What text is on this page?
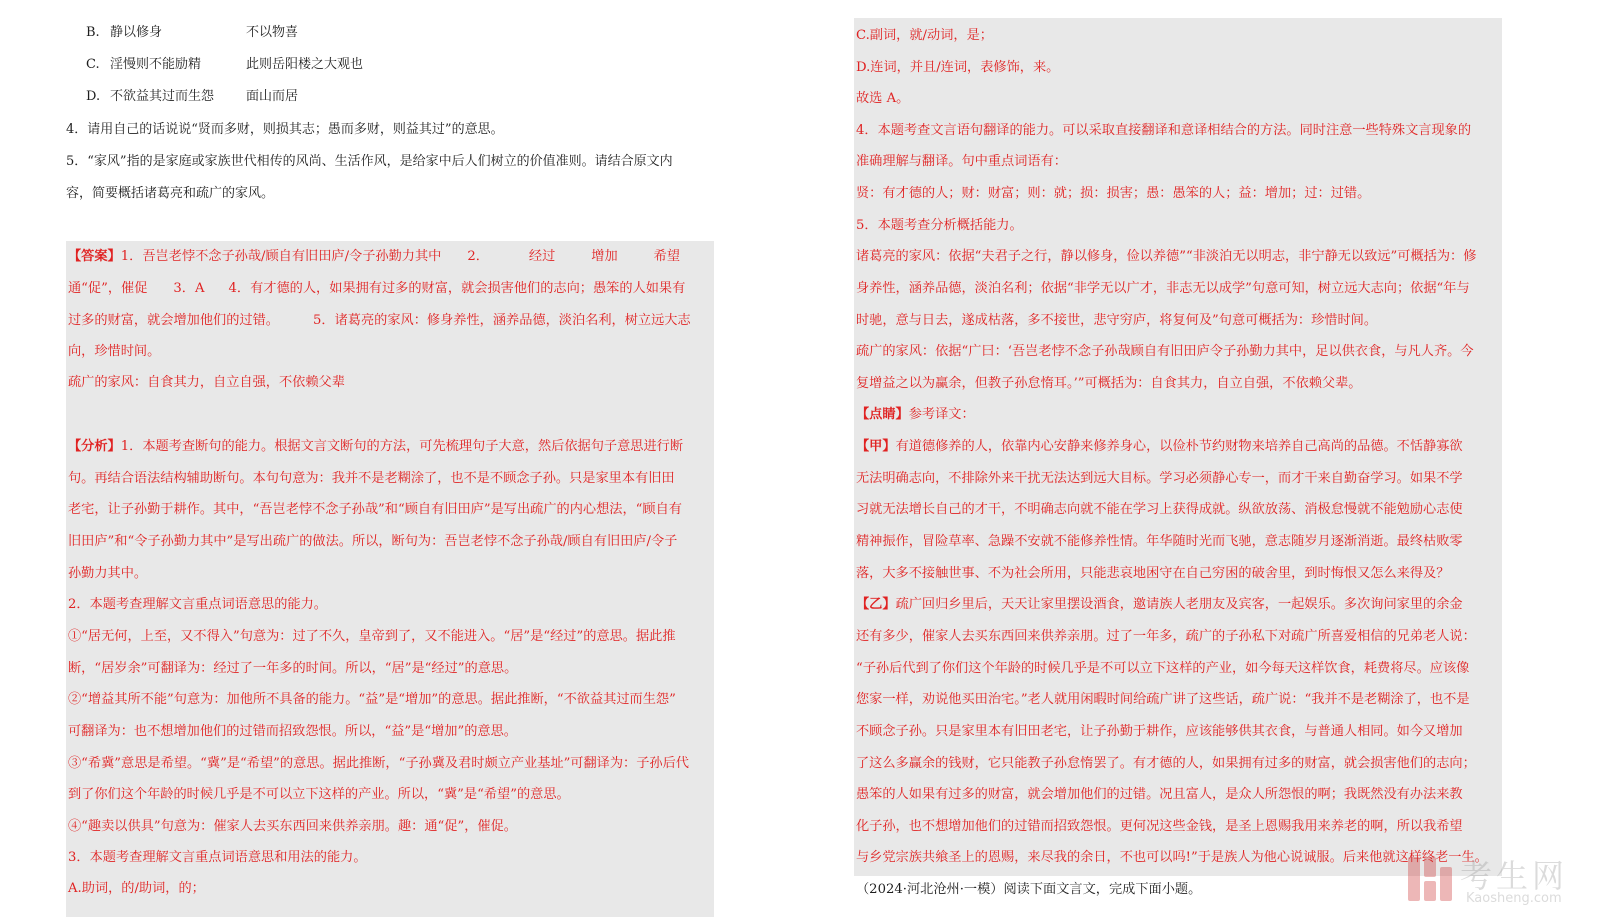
B. 静以修身	不以物喜
C. 淫慢则不能励精	此则岳阳楼之大观也
D. 不欲益其过而生怨 面山而居
4．请用自己的话说说“贤而多财，则损其志；愚而多财，则益其过”的意思。
5．“家风”指的是家庭或家族世代相传的风尚、生活作风，是给家中后人们树立的价值准则。请结合原文内
容，简要概括诸葛亮和疏广的家风。
【答案】1．吾岂老悖不念子孙哉/顾自有旧田庐/令子孙勤力其中 2．	经过	增加	希望
通“促”，催促 3．A 4．有才德的人，如果拥有过多的财富，就会损害他们的志向；愚笨的人如果有
过多的财富，就会增加他们的过错。	5．诸葛亮的家风：修身养性，涵养品德，淡泊名利，树立远大志
向，珍惜时间。
疏广的家风：自食其力，自立自强，不依赖父辈
【分析】1．本题考查断句的能力。根据文言文断句的方法，可先梳理句子大意，然后依据句子意思进行断
句。再结合语法结构辅助断句。本句句意为：我并不是老糊涂了，也不是不顾念子孙。只是家里本有旧田
老宅，让子孙勤于耕作。其中，“吾岂老悖不念子孙哉”和“顾自有旧田庐”是写出疏广的内心想法，“顾自有
旧田庐”和“令子孙勤力其中”是写出疏广的做法。所以，断句为：吾岂老悖不念子孙哉/顾自有旧田庐/令子
孙勤力其中。
2．本题考查理解文言重点词语意思的能力。
①“居无何，上至，又不得入”句意为：过了不久，皇帝到了，又不能进入。“居”是“经过”的意思。据此推
断，“居岁余”可翻译为：经过了一年多的时间。所以，“居”是“经过”的意思。
②“增益其所不能”句意为：加他所不具备的能力。“益”是“增加”的意思。据此推断，“不欲益其过而生怨”
可翻译为：也不想增加他们的过错而招致怨恨。所以，“益”是“增加”的意思。
③“希冀”意思是希望。“冀”是“希望”的意思。据此推断，“子孙冀及君时颇立产业基址”可翻译为：子孙后代
到了你们这个年龄的时候几乎是不可以立下这样的产业。所以，“冀”是“希望”的意思。
④“趣卖以供具”句意为：催家人去买东西回来供养亲朋。趣：通“促”，催促。
3．本题考查理解文言重点词语意思和用法的能力。
A.助词，的/助词，的；
C.副词，就/动词，是；
D.连词，并且/连词，表修饰，来。
故选 A。
4．本题考查文言语句翻译的能力。可以采取直接翻译和意译相结合的方法。同时注意一些特殊文言现象的
准确理解与翻译。句中重点词语有：
贤：有才德的人；财：财富；则：就；损：损害；愚：愚笨的人；益：增加；过：过错。
5．本题考查分析概括能力。
诸葛亮的家风：依据“夫君子之行，静以修身，俭以养德”“非淡泊无以明志，非宁静无以致远”可概括为：修
身养性，涵养品德，淡泊名利；依据“非学无以广才，非志无以成学”句意可知，树立远大志向；依据“年与
时驰，意与日去，遂成枯落，多不接世，悲守穷庐，将复何及”句意可概括为：珍惜时间。
疏广的家风：依据“广曰：‘吾岂老悖不念子孙哉顾自有旧田庐令子孙勤力其中，足以供衣食，与凡人齐。今
复增益之以为赢余，但教子孙怠惰耳。’”可概括为：自食其力，自立自强，不依赖父辈。
【点睛】参考译文：
【甲】有道德修养的人，依靠内心安静来修养身心，以俭朴节约财物来培养自己高尚的品德。不恬静寡欲
无法明确志向，不排除外来干扰无法达到远大目标。学习必须静心专一，而才干来自勤奋学习。如果不学
习就无法增长自己的才干，不明确志向就不能在学习上获得成就。纵欲放荡、消极怠慢就不能勉励心志使
精神振作，冒险草率、急躁不安就不能修养性情。年华随时光而飞驰，意志随岁月逐渐消逝。最终枯败零
落，大多不接触世事、不为社会所用，只能悲哀地困守在自己穷困的破舍里，到时悔恨又怎么来得及？
【乙】疏广回归乡里后，天天让家里摆设酒食，邀请族人老朋友及宾客，一起娱乐。多次询问家里的余金
还有多少，催家人去买东西回来供养亲朋。过了一年多，疏广的子孙私下对疏广所喜爱相信的兄弟老人说：
“子孙后代到了你们这个年龄的时候几乎是不可以立下这样的产业，如今每天这样饮食，耗费将尽。应该像
您家一样，劝说他买田治宅。”老人就用闲暇时间给疏广讲了这些话，疏广说：“我并不是老糊涂了，也不是
不顾念子孙。只是家里本有旧田老宅，让子孙勤于耕作，应该能够供其衣食，与普通人相同。如今又增加
了这么多赢余的钱财，它只能教子孙怠惰罢了。有才德的人，如果拥有过多的财富，就会损害他们的志向；
愚笨的人如果有过多的财富，就会增加他们的过错。况且富人，是众人所怨恨的啊；我既然没有办法来教
化子孙，也不想增加他们的过错而招致怨恨。更何况这些金钱，是圣上恩赐我用来养老的啊，所以我希望
与乡党宗族共飨圣上的恩赐，来尽我的余日，不也可以吗!”于是族人为他心说诚服。后来他就这样终老一生。
（2024·河北沧州·一模）阅读下面文言文，完成下面小题。	考生网
Kaosheng.com
